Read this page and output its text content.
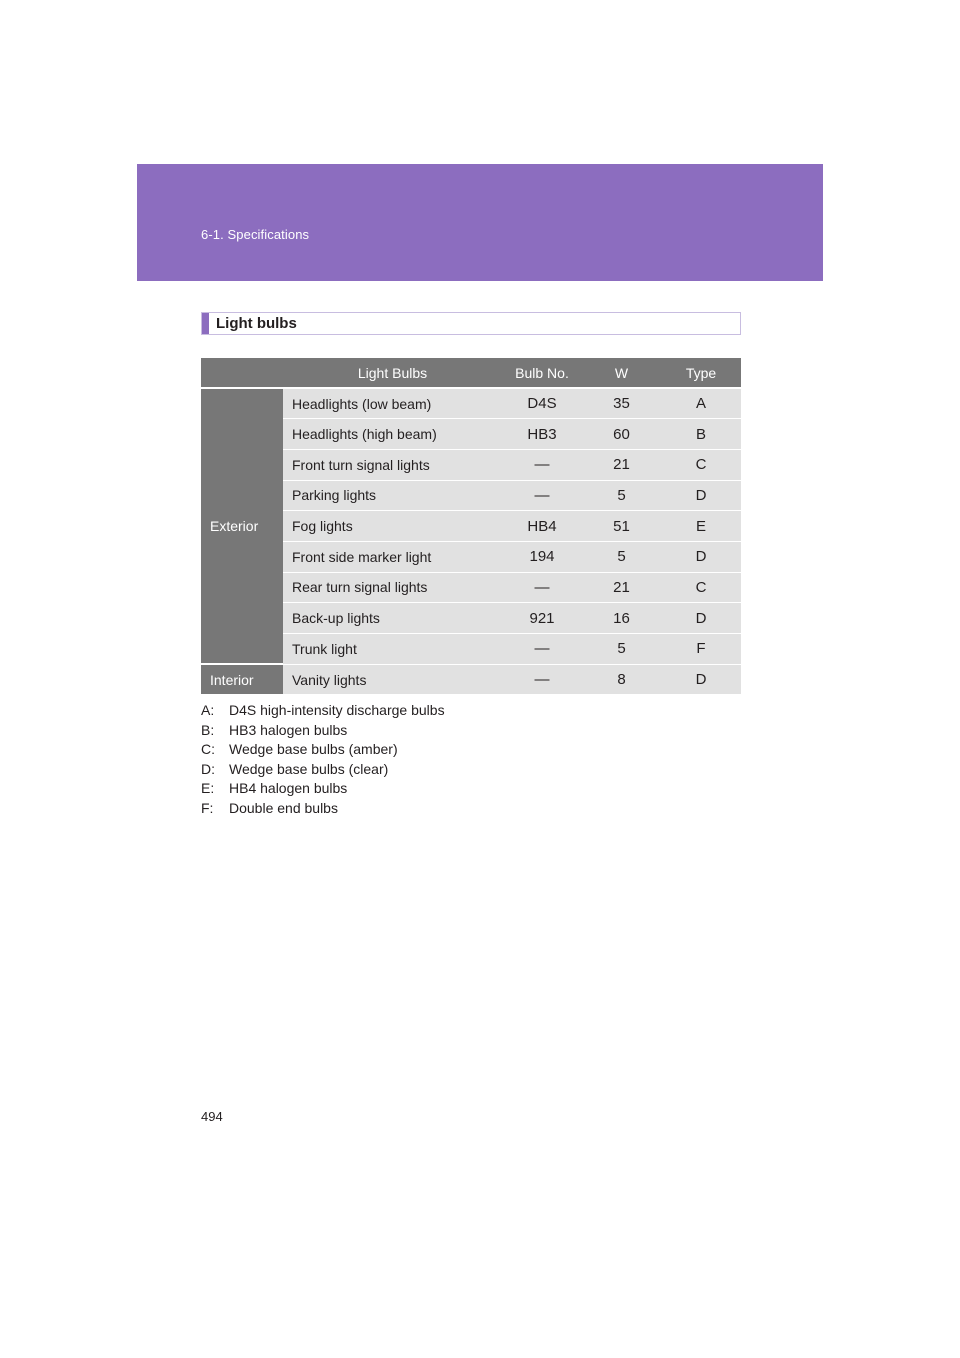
6-1. Specifications
Light bulbs
	Light Bulbs	Bulb No.	W	Type
Exterior	Headlights (low beam)	D4S	35	A
	Headlights (high beam)	HB3	60	B
	Front turn signal lights	—	21	C
	Parking lights	—	5	D
	Fog lights	HB4	51	E
	Front side marker light	194	5	D
	Rear turn signal lights	—	21	C
	Back-up lights	921	16	D
	Trunk light	—	5	F
Interior	Vanity lights	—	8	D
A:	D4S high-intensity discharge bulbs
B:	HB3 halogen bulbs
C:	Wedge base bulbs (amber)
D:	Wedge base bulbs (clear)
E:	HB4 halogen bulbs
F:	Double end bulbs
494
